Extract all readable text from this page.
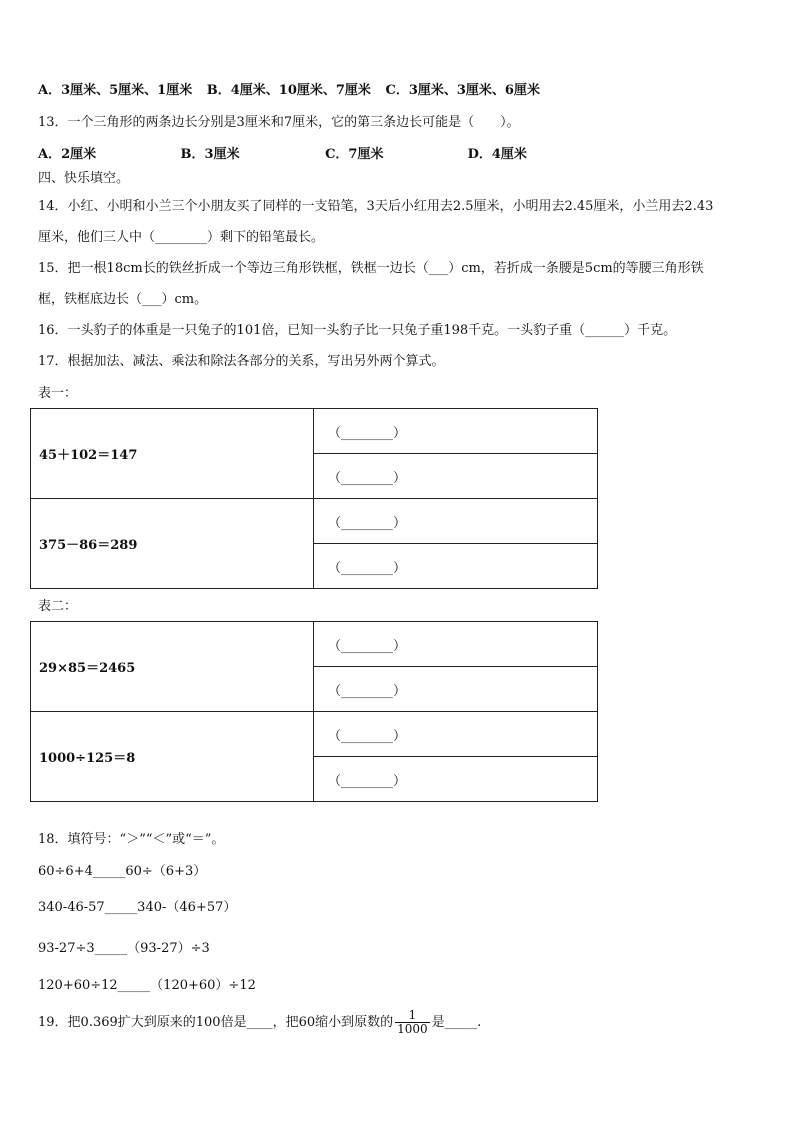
A．3厘米、5厘米、1厘米 B．4厘米、10厘米、7厘米 C．3厘米、3厘米、6厘米
13．一个三角形的两条边长分别是3厘米和7厘米，它的第三条边长可能是（　　）。
A．2厘米	B．3厘米	C．7厘米	D．4厘米
四、快乐填空。
14．小红、小明和小兰三个小朋友买了同样的一支铅笔，3天后小红用去2.5厘米，小明用去2.45厘米，小兰用去2.43
厘米，他们三人中（________）剩下的铅笔最长。
15．把一根18cm长的铁丝折成一个等边三角形铁框，铁框一边长（___）cm，若折成一条腰是5cm的等腰三角形铁
框，铁框底边长（___）cm。
16．一头豹子的体重是一只兔子的101倍，已知一头豹子比一只兔子重198千克。一头豹子重（______）千克。
17．根据加法、减法、乘法和除法各部分的关系，写出另外两个算式。
表一：
45＋102＝147	（________）
	（________）
375－86＝289	（________）
	（________）
表二：
29×85＝2465	（________）
	（________）
1000÷125＝8	（________）
	（________）
18．填符号：“＞”“＜”或“＝”。
60÷6+4_____60÷（6+3）
340-46-57_____340-（46+57）
93-27÷3_____（93-27）÷3
120+60÷12_____（120+60）÷12
19．把0.369扩大到原来的100倍是____，把60缩小到原数的 $\frac{1}{1000}$ 是_____.
